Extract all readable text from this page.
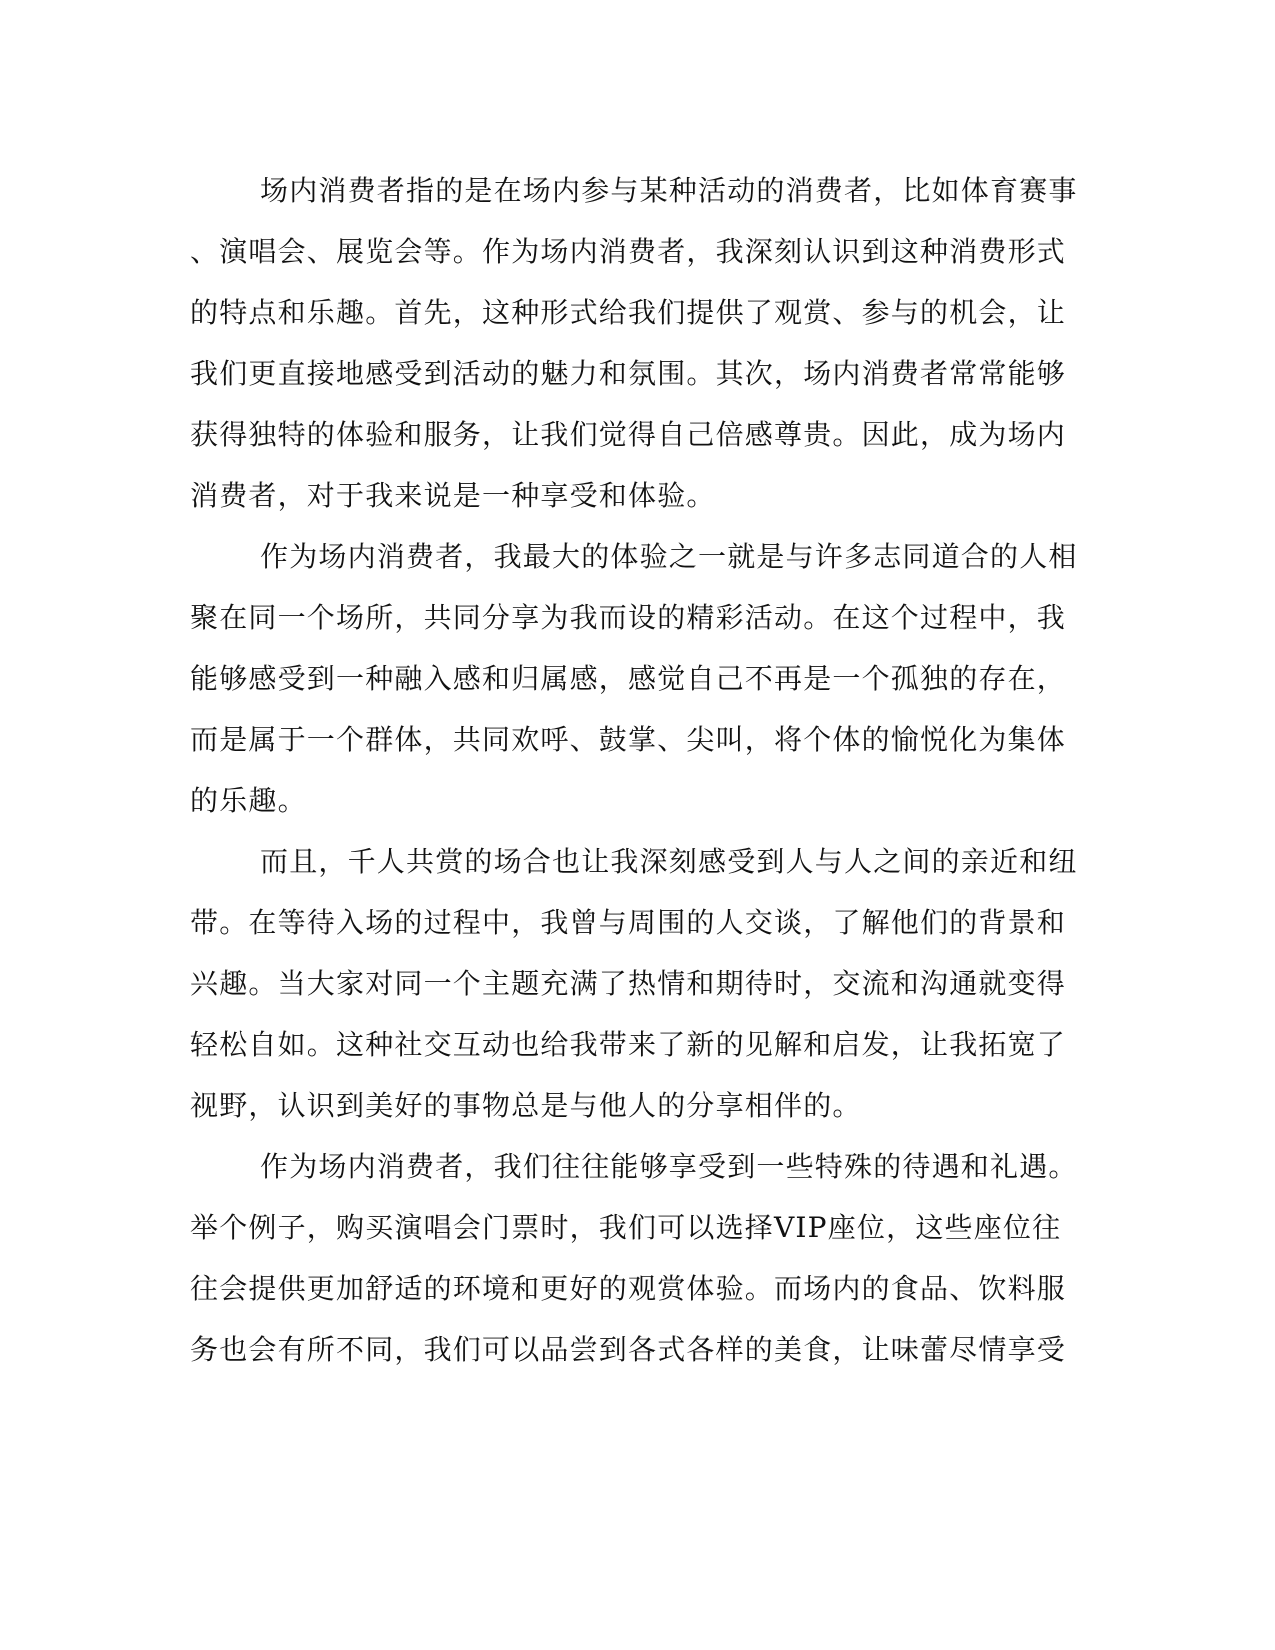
场内消费者指的是在场内参与某种活动的消费者，比如体育赛事
、演唱会、展览会等。作为场内消费者，我深刻认识到这种消费形式
的特点和乐趣。首先，这种形式给我们提供了观赏、参与的机会，让
我们更直接地感受到活动的魅力和氛围。其次，场内消费者常常能够
获得独特的体验和服务，让我们觉得自己倍感尊贵。因此，成为场内
消费者，对于我来说是一种享受和体验。

作为场内消费者，我最大的体验之一就是与许多志同道合的人相
聚在同一个场所，共同分享为我而设的精彩活动。在这个过程中，我
能够感受到一种融入感和归属感，感觉自己不再是一个孤独的存在，
而是属于一个群体，共同欢呼、鼓掌、尖叫，将个体的愉悦化为集体
的乐趣。

而且，千人共赏的场合也让我深刻感受到人与人之间的亲近和纽
带。在等待入场的过程中，我曾与周围的人交谈，了解他们的背景和
兴趣。当大家对同一个主题充满了热情和期待时，交流和沟通就变得
轻松自如。这种社交互动也给我带来了新的见解和启发，让我拓宽了
视野，认识到美好的事物总是与他人的分享相伴的。

作为场内消费者，我们往往能够享受到一些特殊的待遇和礼遇。
举个例子，购买演唱会门票时，我们可以选择VIP座位，这些座位往
往会提供更加舒适的环境和更好的观赏体验。而场内的食品、饮料服
务也会有所不同，我们可以品尝到各式各样的美食，让味蕾尽情享受
